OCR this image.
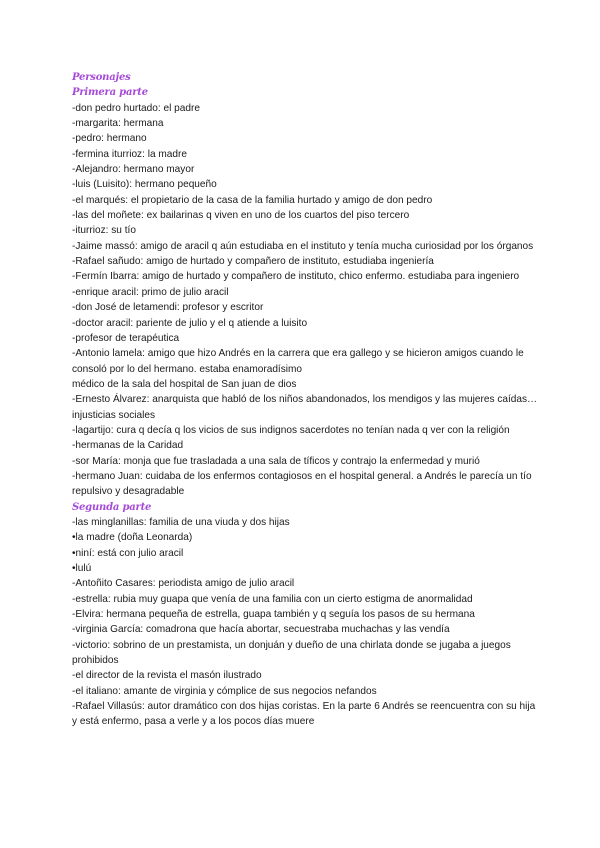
Personajes
Primera parte
-don pedro hurtado: el padre
-margarita: hermana
-pedro: hermano
-fermina iturrioz: la madre
-Alejandro: hermano mayor
-luis (Luisito): hermano pequeño
-el marqués: el propietario de la casa de la familia hurtado y amigo de don pedro
-las del moñete: ex bailarinas q viven en uno de los cuartos del piso tercero
-iturrioz: su tío
-Jaime massó: amigo de aracil q aún estudiaba en el instituto y tenía mucha curiosidad por los órganos
-Rafael sañudo: amigo de hurtado y compañero de instituto, estudiaba ingeniería
-Fermín Ibarra: amigo de hurtado y compañero de instituto, chico enfermo. estudiaba para ingeniero
-enrique aracil: primo de julio aracil
-don José de letamendi: profesor y escritor
-doctor aracil: pariente de julio y el q atiende a luisito
-profesor de terapéutica
-Antonio lamela: amigo que hizo Andrés en la carrera que era gallego y se hicieron amigos cuando le consoló por lo del hermano. estaba enamoradísimo
médico de la sala del hospital de San juan de dios
-Ernesto Álvarez: anarquista que habló de los niños abandonados, los mendigos y las mujeres caídas… injusticias sociales
-lagartijo: cura q decía q los vicios de sus indignos sacerdotes no tenían nada q ver con la religión
-hermanas de la Caridad
-sor María: monja que fue trasladada a una sala de tíficos y contrajo la enfermedad y murió
-hermano Juan: cuidaba de los enfermos contagiosos en el hospital general. a Andrés le parecía un tío repulsivo y desagradable
Segunda parte
-las minglanillas: familia de una viuda y dos hijas
•la madre (doña Leonarda)
•niní: está con julio aracil
•lulú
-Antoñito Casares: periodista amigo de julio aracil
-estrella: rubia muy guapa que venía de una familia con un cierto estigma de anormalidad
-Elvira: hermana pequeña de estrella, guapa también y q seguía los pasos de su hermana
-virginia García: comadrona que hacía abortar, secuestraba muchachas y las vendía
-victorio: sobrino de un prestamista, un donjuán y dueño de una chirlata donde se jugaba a juegos prohibidos
-el director de la revista el masón ilustrado
-el italiano: amante de virginia y cómplice de sus negocios nefandos
-Rafael Villasús: autor dramático con dos hijas coristas. En la parte 6 Andrés se reencuentra con su hija y está enfermo, pasa a verle y a los pocos días muere
